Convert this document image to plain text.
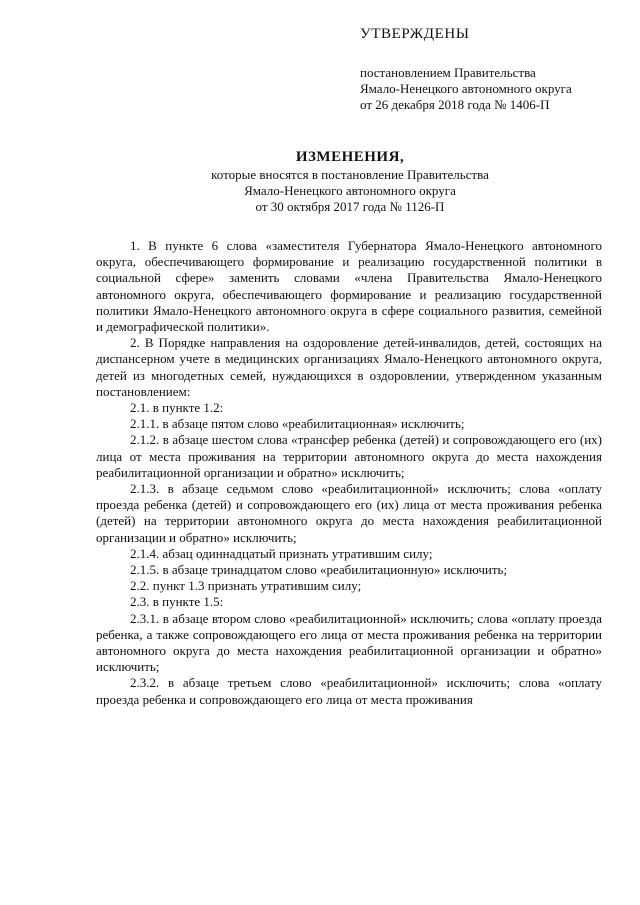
УТВЕРЖДЕНЫ
постановлением Правительства
Ямало-Ненецкого автономного округа
от 26 декабря 2018 года № 1406-П
ИЗМЕНЕНИЯ,
которые вносятся в постановление Правительства
Ямало-Ненецкого автономного округа
от 30 октября 2017 года № 1126-П

1. В пункте 6 слова «заместителя Губернатора Ямало-Ненецкого автономного округа, обеспечивающего формирование и реализацию государственной политики в социальной сфере» заменить словами «члена Правительства Ямало-Ненецкого автономного округа, обеспечивающего формирование и реализацию государственной политики Ямало-Ненецкого автономного округа в сфере социального развития, семейной и демографической политики».

2. В Порядке направления на оздоровление детей-инвалидов, детей, состоящих на диспансерном учете в медицинских организациях Ямало-Ненецкого автономного округа, детей из многодетных семей, нуждающихся в оздоровлении, утвержденном указанным постановлением:

2.1. в пункте 1.2:

2.1.1. в абзаце пятом слово «реабилитационная» исключить;

2.1.2. в абзаце шестом слова «трансфер ребенка (детей) и сопровождающего его (их) лица от места проживания на территории автономного округа до места нахождения реабилитационной организации и обратно» исключить;

2.1.3. в абзаце седьмом слово «реабилитационной» исключить; слова «оплату проезда ребенка (детей) и сопровождающего его (их) лица от места проживания ребенка (детей) на территории автономного округа до места нахождения реабилитационной организации и обратно» исключить;

2.1.4. абзац одиннадцатый признать утратившим силу;

2.1.5. в абзаце тринадцатом слово «реабилитационную» исключить;

2.2. пункт 1.3 признать утратившим силу;

2.3. в пункте 1.5:

2.3.1. в абзаце втором слово «реабилитационной» исключить; слова «оплату проезда ребенка, а также сопровождающего его лица от места проживания ребенка на территории автономного округа до места нахождения реабилитационной организации и обратно» исключить;

2.3.2. в абзаце третьем слово «реабилитационной» исключить; слова «оплату проезда ребенка и сопровождающего его лица от места проживания
